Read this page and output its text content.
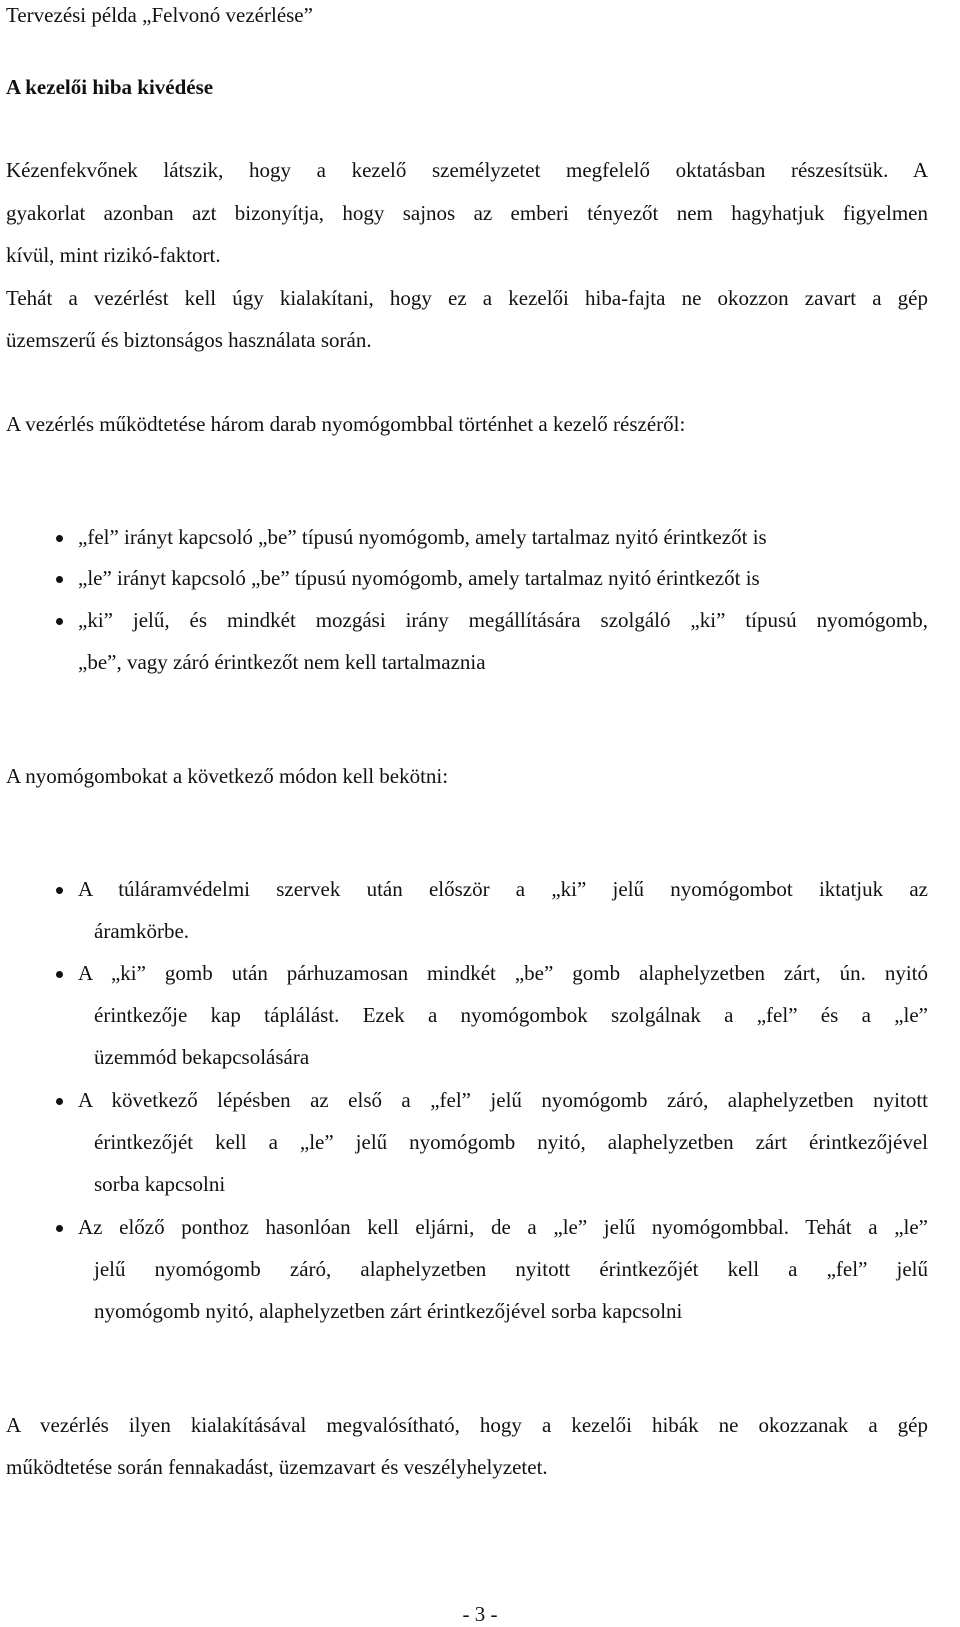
Tervezési példa „Felvonó vezérlése”

A kezelői hiba kivédése

Kézenfekvőnek látszik, hogy a kezelő személyzetet megfelelő oktatásban részesítsük. A

gyakorlat azonban azt bizonyítja, hogy sajnos az emberi tényezőt nem hagyhatjuk figyelmen

kívül, mint rizikó-faktort.

Tehát a vezérlést kell úgy kialakítani, hogy ez a kezelői hiba-fajta ne okozzon zavart a gép

üzemszerű és biztonságos használata során.

A vezérlés működtetése három darab nyomógombbal történhet a kezelő részéről:

„fel” irányt kapcsoló „be” típusú nyomógomb, amely tartalmaz nyitó érintkezőt is

„le” irányt kapcsoló „be” típusú nyomógomb, amely tartalmaz nyitó érintkezőt is

„ki” jelű, és mindkét mozgási irány megállítására szolgáló „ki” típusú nyomógomb,

„be”, vagy záró érintkezőt nem kell tartalmaznia

A nyomógombokat a következő módon kell bekötni:

A túláramvédelmi szervek után először a „ki” jelű nyomógombot iktatjuk az

áramkörbe.

A „ki” gomb után párhuzamosan mindkét „be” gomb alaphelyzetben zárt, ún. nyitó

érintkezője kap táplálást. Ezek a nyomógombok szolgálnak a „fel” és a „le”

üzemmód bekapcsolására

A következő lépésben az első a „fel” jelű nyomógomb záró, alaphelyzetben nyitott

érintkezőjét kell a „le” jelű nyomógomb nyitó, alaphelyzetben zárt érintkezőjével

sorba kapcsolni

Az előző ponthoz hasonlóan kell eljárni, de a „le” jelű nyomógombbal. Tehát a „le”

jelű nyomógomb záró, alaphelyzetben nyitott érintkezőjét kell a „fel” jelű

nyomógomb nyitó, alaphelyzetben zárt érintkezőjével sorba kapcsolni

A vezérlés ilyen kialakításával megvalósítható, hogy a kezelői hibák ne okozzanak a gép

működtetése során fennakadást, üzemzavart és veszélyhelyzetet.

- 3 -
